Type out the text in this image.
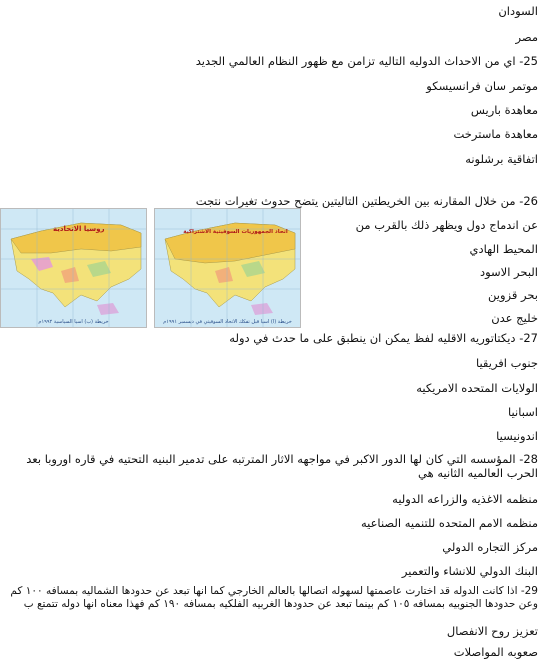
السودان
مصر
25- اي من الاحداث الدوليه التاليه تزامن مع ظهور النظام العالمي الجديد
موتمر سان فرانسيسكو
معاهدة باريس
معاهدة ماسترخت
اتفاقية برشلونه
26- من خلال المقارنه بين الخريطتين التاليتين يتضح حدوث تغيرات نتجت
عن اندماج دول ويظهر ذلك بالقرب من
المحيط الهادي
البحر الاسود
بحر قزوين
خليج عدن
روسيا الاتحادية
خريطة (ب) آسيا السياسية ١٩٩٢م
اتحاد الجمهوريات السوفيتية الاشتراكية
خريطة (أ) آسيا قبل تفكك الاتحاد السوفيتي في ديسمبر ١٩٩١م
27- ديكتاتوريه الاقليه لفظ يمكن ان ينطبق على ما حدث في دوله
جنوب افريقيا
الولايات المتحده الامريكيه
اسبانيا
اندونيسيا
28- المؤسسه التي كان لها الدور الاكبر في مواجهه الاثار المترتبه على تدمير البنيه التحتيه في قاره اوروبا بعد الحرب العالميه الثانيه هي
منظمه الاغذيه والزراعه الدوليه
منظمه الامم المتحده للتنميه الصناعيه
مركز التجاره الدولي
البنك الدولي للانشاء والتعمير
29- اذا كانت الدوله قد اختارت عاصمتها لسهوله اتصالها بالعالم الخارجي كما انها تبعد عن حدودها الشماليه بمسافه ١٠٠ كم وعن حدودها الجنوبيه بمسافه ١٠٥ كم بينما تبعد عن حدودها الغربيه الفلكيه بمسافه ١٩٠ كم فهذا معناه انها دوله تتمتع ب
تعزيز روح الانفصال
صعوبه المواصلات
